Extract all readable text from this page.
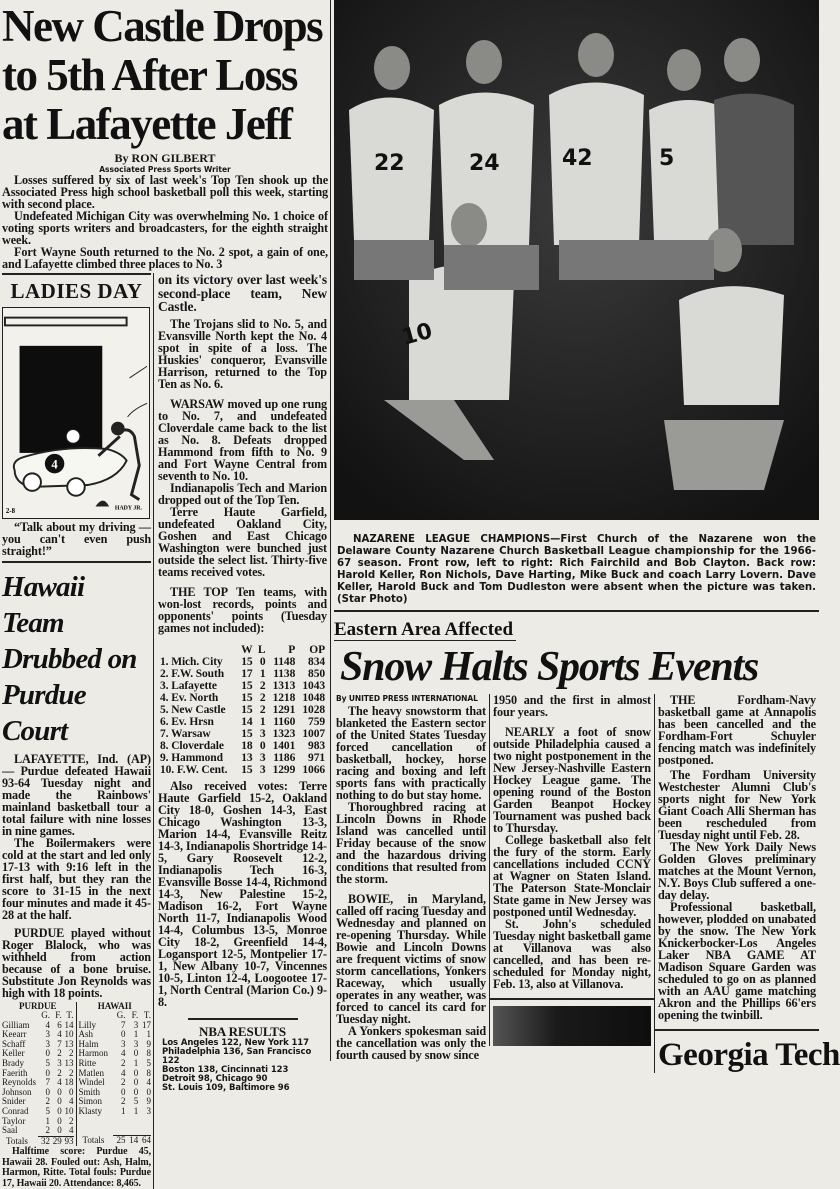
New Castle Drops
to 5th After Loss
at Lafayette Jeff
By RON GILBERT
Associated Press Sports Writer

Losses suffered by six of last week's Top Ten shook up the Associated Press high school basketball poll this week, starting with second place.

Undefeated Michigan City was overwhelming No. 1 choice of voting sports writers and broadcasters, for the eighth straight week.

Fort Wayne South returned to the No. 2 spot, a gain of one, and Lafayette climbed three places to No. 3

LADIES DAY
4
HADY JR.
2-8
“Talk about my driving — you can't even push straight!”
Hawaii Team
Drubbed on
Purdue Court

LAFAYETTE, Ind. (AP) — Purdue defeated Hawaii 93-64 Tuesday night and made the Rainbows' mainland basketball tour a total failure with nine losses in nine games.

The Boilermakers were cold at the start and led only 17-13 with 9:16 left in the first half, but they ran the score to 31-15 in the next four minutes and made it 45-28 at the half.

PURDUE played without Roger Blalock, who was withheld from action because of a bone bruise. Substitute Jon Reynolds was high with 18 points.

PURDUE			
	G.	F.	T.
Gilliam	4	6	14
Keearr	3	4	10
Schaff	3	7	13
Keller	0	2	2
Brady	5	3	13
Faerith	0	2	2
Reynolds	7	4	18
Johnson	0	0	0
Snider	2	0	4
Conrad	5	0	10
Taylor	1	0	2
Saal	2	0	4

Totals	32	29	93
HAWAII			
	G.	F.	T.
Lilly	7	3	17
Ash	0	1	1
Halm	3	3	9
Harmon	4	0	8
Ritte	2	1	5
Matlen	4	0	8
Windel	2	0	4
Smith	0	0	0
Simon	2	5	9
Klasty	1	1	3

Totals	25	14	64
Halftime score: Purdue 45, Hawaii 28. Fouled out: Ash, Halm, Harmon, Ritte. Total fouls: Purdue 17, Hawaii 20. Attendance: 8,465.

on its victory over last week's second-place team, New Castle.

The Trojans slid to No. 5, and Evansville North kept the No. 4 spot in spite of a loss. The Huskies' conqueror, Evansville Harrison, returned to the Top Ten as No. 6.

WARSAW moved up one rung to No. 7, and undefeated Cloverdale came back to the list as No. 8. Defeats dropped Hammond from fifth to No. 9 and Fort Wayne Central from seventh to No. 10.

Indianapolis Tech and Marion dropped out of the Top Ten.

Terre Haute Garfield, undefeated Oakland City, Goshen and East Chicago Washington were bunched just outside the select list. Thirty-five teams received votes.

THE TOP Ten teams, with won-lost records, points and opponents' points (Tuesday games not included):

	W	L	P	OP
1. Mich. City	15	0	1148	834
2. F.W. South	17	1	1138	850
3. Lafayette	15	2	1313	1043
4. Ev. North	15	2	1218	1048
5. New Castle	15	2	1291	1028
6. Ev. Hrsn	14	1	1160	759
7. Warsaw	15	3	1323	1007
8. Cloverdale	18	0	1401	983
9. Hammond	13	3	1186	971
10. F.W. Cent.	15	3	1299	1066

Also received votes: Terre Haute Garfield 15-2, Oakland City 18-0, Goshen 14-3, East Chicago Washington 13-3, Marion 14-4, Evansville Reitz 14-3, Indianapolis Shortridge 14-5, Gary Roosevelt 12-2, Indianapolis Tech 16-3, Evansville Bosse 14-4, Richmond 14-3, New Palestine 15-2, Madison 16-2, Fort Wayne North 11-7, Indianapolis Wood 14-4, Columbus 13-5, Monroe City 18-2, Greenfield 14-4, Logansport 12-5, Montpelier 17-1, New Albany 10-7, Vincennes 10-5, Linton 12-4, Loogootee 17-1, North Central (Marion Co.) 9-8.

NBA RESULTS
Los Angeles 122, New York 117
Philadelphia 136, San Francisco 122
Boston 138, Cincinnati 123
Detroit 98, Chicago 90
St. Louis 109, Baltimore 96
22	24	42	5
10
NAZARENE LEAGUE CHAMPIONS—First Church of the Nazarene won the Delaware County Nazarene Church Basketball League championship for the 1966-67 season. Front row, left to right: Rich Fairchild and Bob Clayton. Back row: Harold Keller, Ron Nichols, Dave Harting, Mike Buck and coach Larry Lovern. Dave Keller, Harold Buck and Tom Dudleston were absent when the picture was taken. (Star Photo)
Eastern Area Affected
Snow Halts Sports Events
By UNITED PRESS INTERNATIONAL

The heavy snowstorm that blanketed the Eastern sector of the United States Tuesday forced cancellation of basketball, hockey, horse racing and boxing and left sports fans with practically nothing to do but stay home.

Thoroughbred racing at Lincoln Downs in Rhode Island was cancelled until Friday because of the snow and the hazardous driving conditions that resulted from the storm.

BOWIE, in Maryland, called off racing Tuesday and Wednesday and planned on re-opening Thursday. While Bowie and Lincoln Downs are frequent victims of snow storm cancellations, Yonkers Raceway, which usually operates in any weather, was forced to cancel its card for Tuesday night.

A Yonkers spokesman said the cancellation was only the fourth caused by snow since

1950 and the first in almost four years.

NEARLY a foot of snow outside Philadelphia caused a two night postponement in the New Jersey-Nashville Eastern Hockey League game. The opening round of the Boston Garden Beanpot Hockey Tournament was pushed back to Thursday.

College basketball also felt the fury of the storm. Early cancellations included CCNY at Wagner on Staten Island. The Paterson State-Monclair State game in New Jersey was postponed until Wednesday.

St. John's scheduled Tuesday night basketball game at Villanova was also cancelled, and has been re-scheduled for Monday night, Feb. 13, also at Villanova.

THE	Fordham-Navy basketball game at Annapolis has been cancelled and the Fordham-Fort Schuyler fencing match was indefinitely postponed.

The Fordham University Westchester Alumni Club's sports night for New York Giant Coach Alli Sherman has been rescheduled from Tuesday night until Feb. 28.

The New York Daily News Golden Gloves preliminary matches at the Mount Vernon, N.Y. Boys Club suffered a one-day delay.

Professional basketball, however, plodded on unabated by the snow. The New York Knickerbocker-Los Angeles Laker NBA GAME AT Madison Square Garden was scheduled to go on as planned with an AAU game matching Akron and the Phillips 66'ers opening the twinbill.

Georgia Tech
